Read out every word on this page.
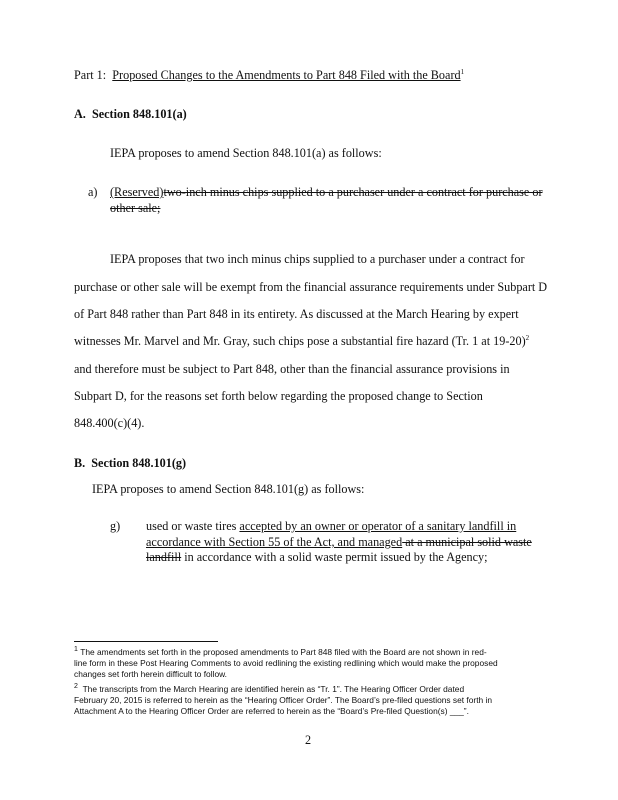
Part 1: Proposed Changes to the Amendments to Part 848 Filed with the Board$^1$

A. Section 848.101(a)

IEPA proposes to amend Section 848.101(a) as follows:

a) (Reserved)two-inch minus chips supplied to a purchaser under a contract for purchase or

other sale;

IEPA proposes that two inch minus chips supplied to a purchaser under a contract for

purchase or other sale will be exempt from the financial assurance requirements under Subpart D

of Part 848 rather than Part 848 in its entirety. As discussed at the March Hearing by expert

witnesses Mr. Marvel and Mr. Gray, such chips pose a substantial fire hazard (Tr. 1 at 19-20)$^2$

and therefore must be subject to Part 848, other than the financial assurance provisions in

Subpart D, for the reasons set forth below regarding the proposed change to Section

848.400(c)(4).

B. Section 848.101(g)

IEPA proposes to amend Section 848.101(g) as follows:

g) used or waste tires accepted by an owner or operator of a sanitary landfill in

accordance with Section 55 of the Act, and managed at a municipal solid waste

landfill in accordance with a solid waste permit issued by the Agency;

$^1$ The amendments set forth in the proposed amendments to Part 848 filed with the Board are not shown in red-

line form in these Post Hearing Comments to avoid redlining the existing redlining which would make the proposed

changes set forth herein difficult to follow.

$^2$ The transcripts from the March Hearing are identified herein as “Tr. 1”. The Hearing Officer Order dated

February 20, 2015 is referred to herein as the “Hearing Officer Order”. The Board’s pre-filed questions set forth in

Attachment A to the Hearing Officer Order are referred to herein as the “Board’s Pre-filed Question(s) ___”.

2
